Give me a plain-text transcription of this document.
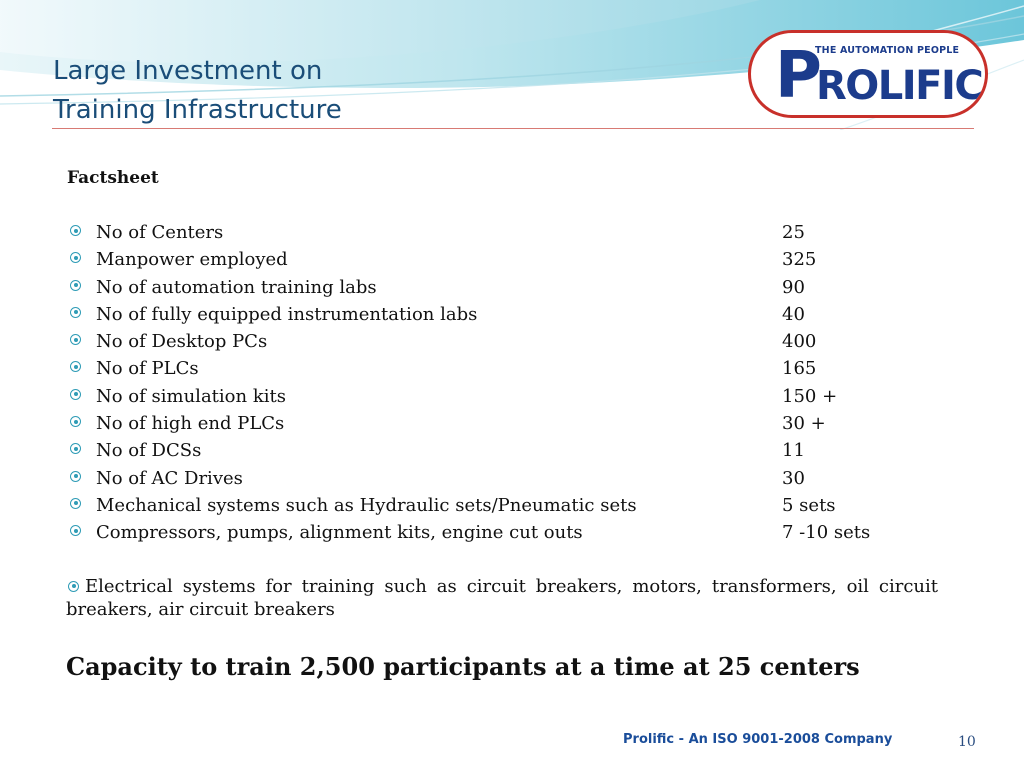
Large Investment on
Training Infrastructure
THE AUTOMATION PEOPLE
P
ROLIFIC

Factsheet

No of Centers	25
Manpower employed	325
No of automation training labs	90
No of fully equipped instrumentation labs	40
No of Desktop PCs	400
No of PLCs	165
No of simulation kits	150 +
No of high end PLCs	30 +
No of DCSs	11
No of AC Drives	30
Mechanical systems such as Hydraulic sets/Pneumatic sets	5 sets
Compressors, pumps, alignment kits, engine cut outs	7 -10 sets

Electrical systems for training such as circuit breakers, motors, transformers, oil circuit breakers, air circuit breakers

Capacity to train 2,500 participants at a time at 25 centers

Prolific - An ISO 9001-2008 Company	10
